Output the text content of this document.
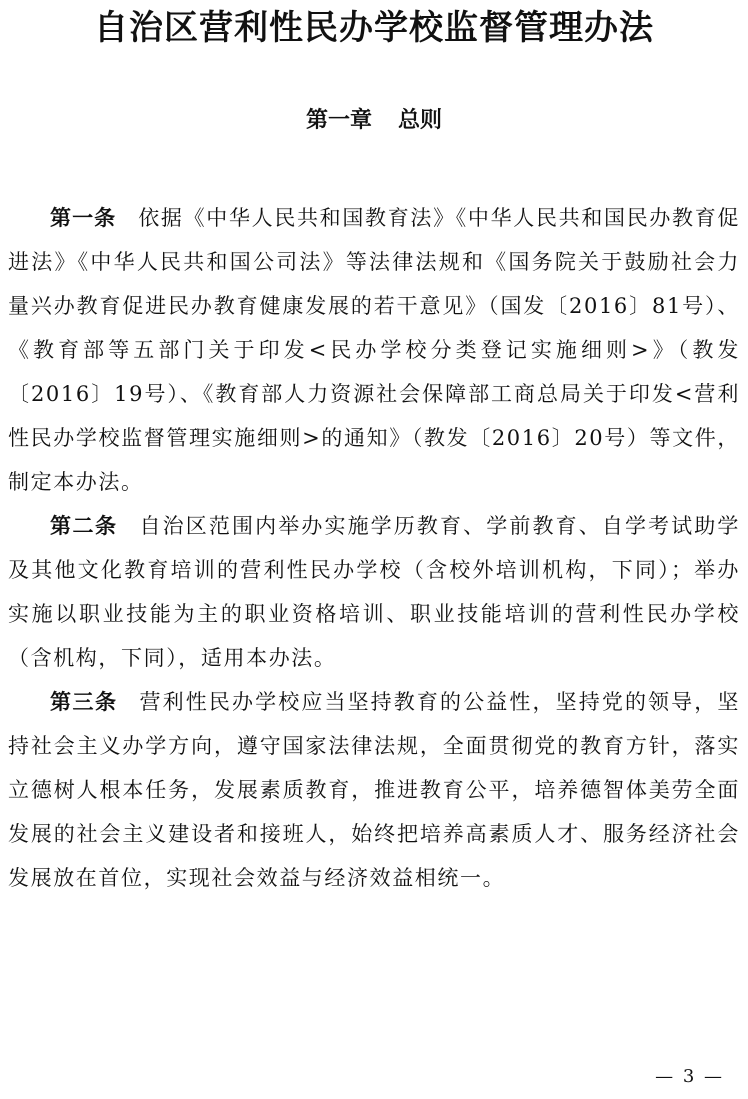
自治区营利性民办学校监督管理办法
第一章 总则

第一条 依据《中华人民共和国教育法》《中华人民共和国民办教育促进法》《中华人民共和国公司法》等法律法规和《国务院关于鼓励社会力量兴办教育促进民办教育健康发展的若干意见》（国发〔2016〕81号）、《教育部等五部门关于印发<民办学校分类登记实施细则>》（教发〔2016〕19号）、《教育部人力资源社会保障部工商总局关于印发<营利性民办学校监督管理实施细则>的通知》（教发〔2016〕20号）等文件，制定本办法。

第二条 自治区范围内举办实施学历教育、学前教育、自学考试助学及其他文化教育培训的营利性民办学校（含校外培训机构，下同）；举办实施以职业技能为主的职业资格培训、职业技能培训的营利性民办学校（含机构，下同），适用本办法。

第三条 营利性民办学校应当坚持教育的公益性，坚持党的领导，坚持社会主义办学方向，遵守国家法律法规，全面贯彻党的教育方针，落实立德树人根本任务，发展素质教育，推进教育公平，培养德智体美劳全面发展的社会主义建设者和接班人，始终把培养高素质人才、服务经济社会发展放在首位，实现社会效益与经济效益相统一。

— 3 —
